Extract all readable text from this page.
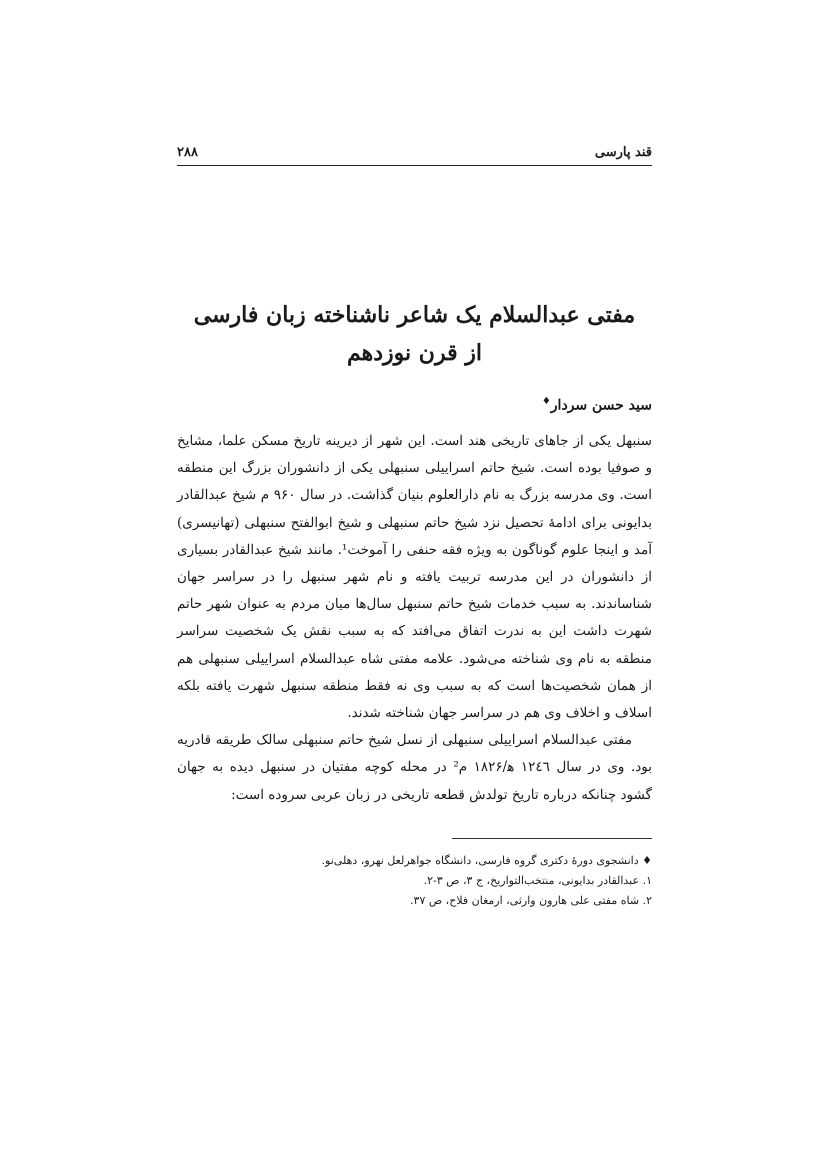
قند پارسی
۲۸۸
مفتی عبدالسلام یک شاعر ناشناخته زبان فارسی
از قرن نوزدهم
سید حسن سردار♦

سنبهل یکی از جاهای تاریخی هند است. این شهر از دیرینه تاریخ مسکن علما، مشایخ و صوفیا بوده است. شیخ حاتم اسراییلی سنبهلی یکی از دانشوران بزرگ این منطقه است. وی مدرسه بزرگ به نام دارالعلوم بنیان گذاشت. در سال ۹۶۰ م شیخ عبدالقادر بدایونی برای ادامهٔ تحصیل نزد شیخ حاتم سنبهلی و شیخ ابوالفتح سنبهلی (تهانیسری) آمد و اینجا علوم گوناگون به ویژه فقه حنفی را آموخت¹. مانند شیخ عبدالقادر بسیاری از دانشوران در این مدرسه تربیت یافته و نام شهر سنبهل را در سراسر جهان شناساندند. به سبب خدمات شیخ حاتم سنبهل سال‌ها میان مردم به عنوان شهر حاتم شهرت داشت این به ندرت اتفاق می‌افتد که به سبب نقش یک شخصیت سراسر منطقه به نام وی شناخته می‌شود. علامه مفتی شاه عبدالسلام اسراییلی سنبهلی هم از همان شخصیت‌ها است که به سبب وی نه فقط منطقه سنبهل شهرت یافته بلکه اسلاف و اخلاف وی هم در سراسر جهان شناخته شدند.

مفتی عبدالسلام اسراییلی سنبهلی از نسل شیخ حاتم سنبهلی سالک طریقه قادریه بود. وی در سال ۱۲٤٦ ه‍/۱۸۲۶ م² در محله کوچه مفتیان در سنبهل دیده به جهان گشود چنانکه درباره تاریخ تولدش قطعه تاریخی در زبان عربی سروده است:

♦ دانشجوی دورهٔ دکتری گروه فارسی، دانشگاه جواهرلعل نهرو، دهلی‌نو.
۱. عبدالقادر بدایونی، منتخب‌التواریخ، ج ۳، ص ۳-۲.
۲. شاه مفتی علی هارون وارثی، ارمغان فلاح، ص ۳۷.
